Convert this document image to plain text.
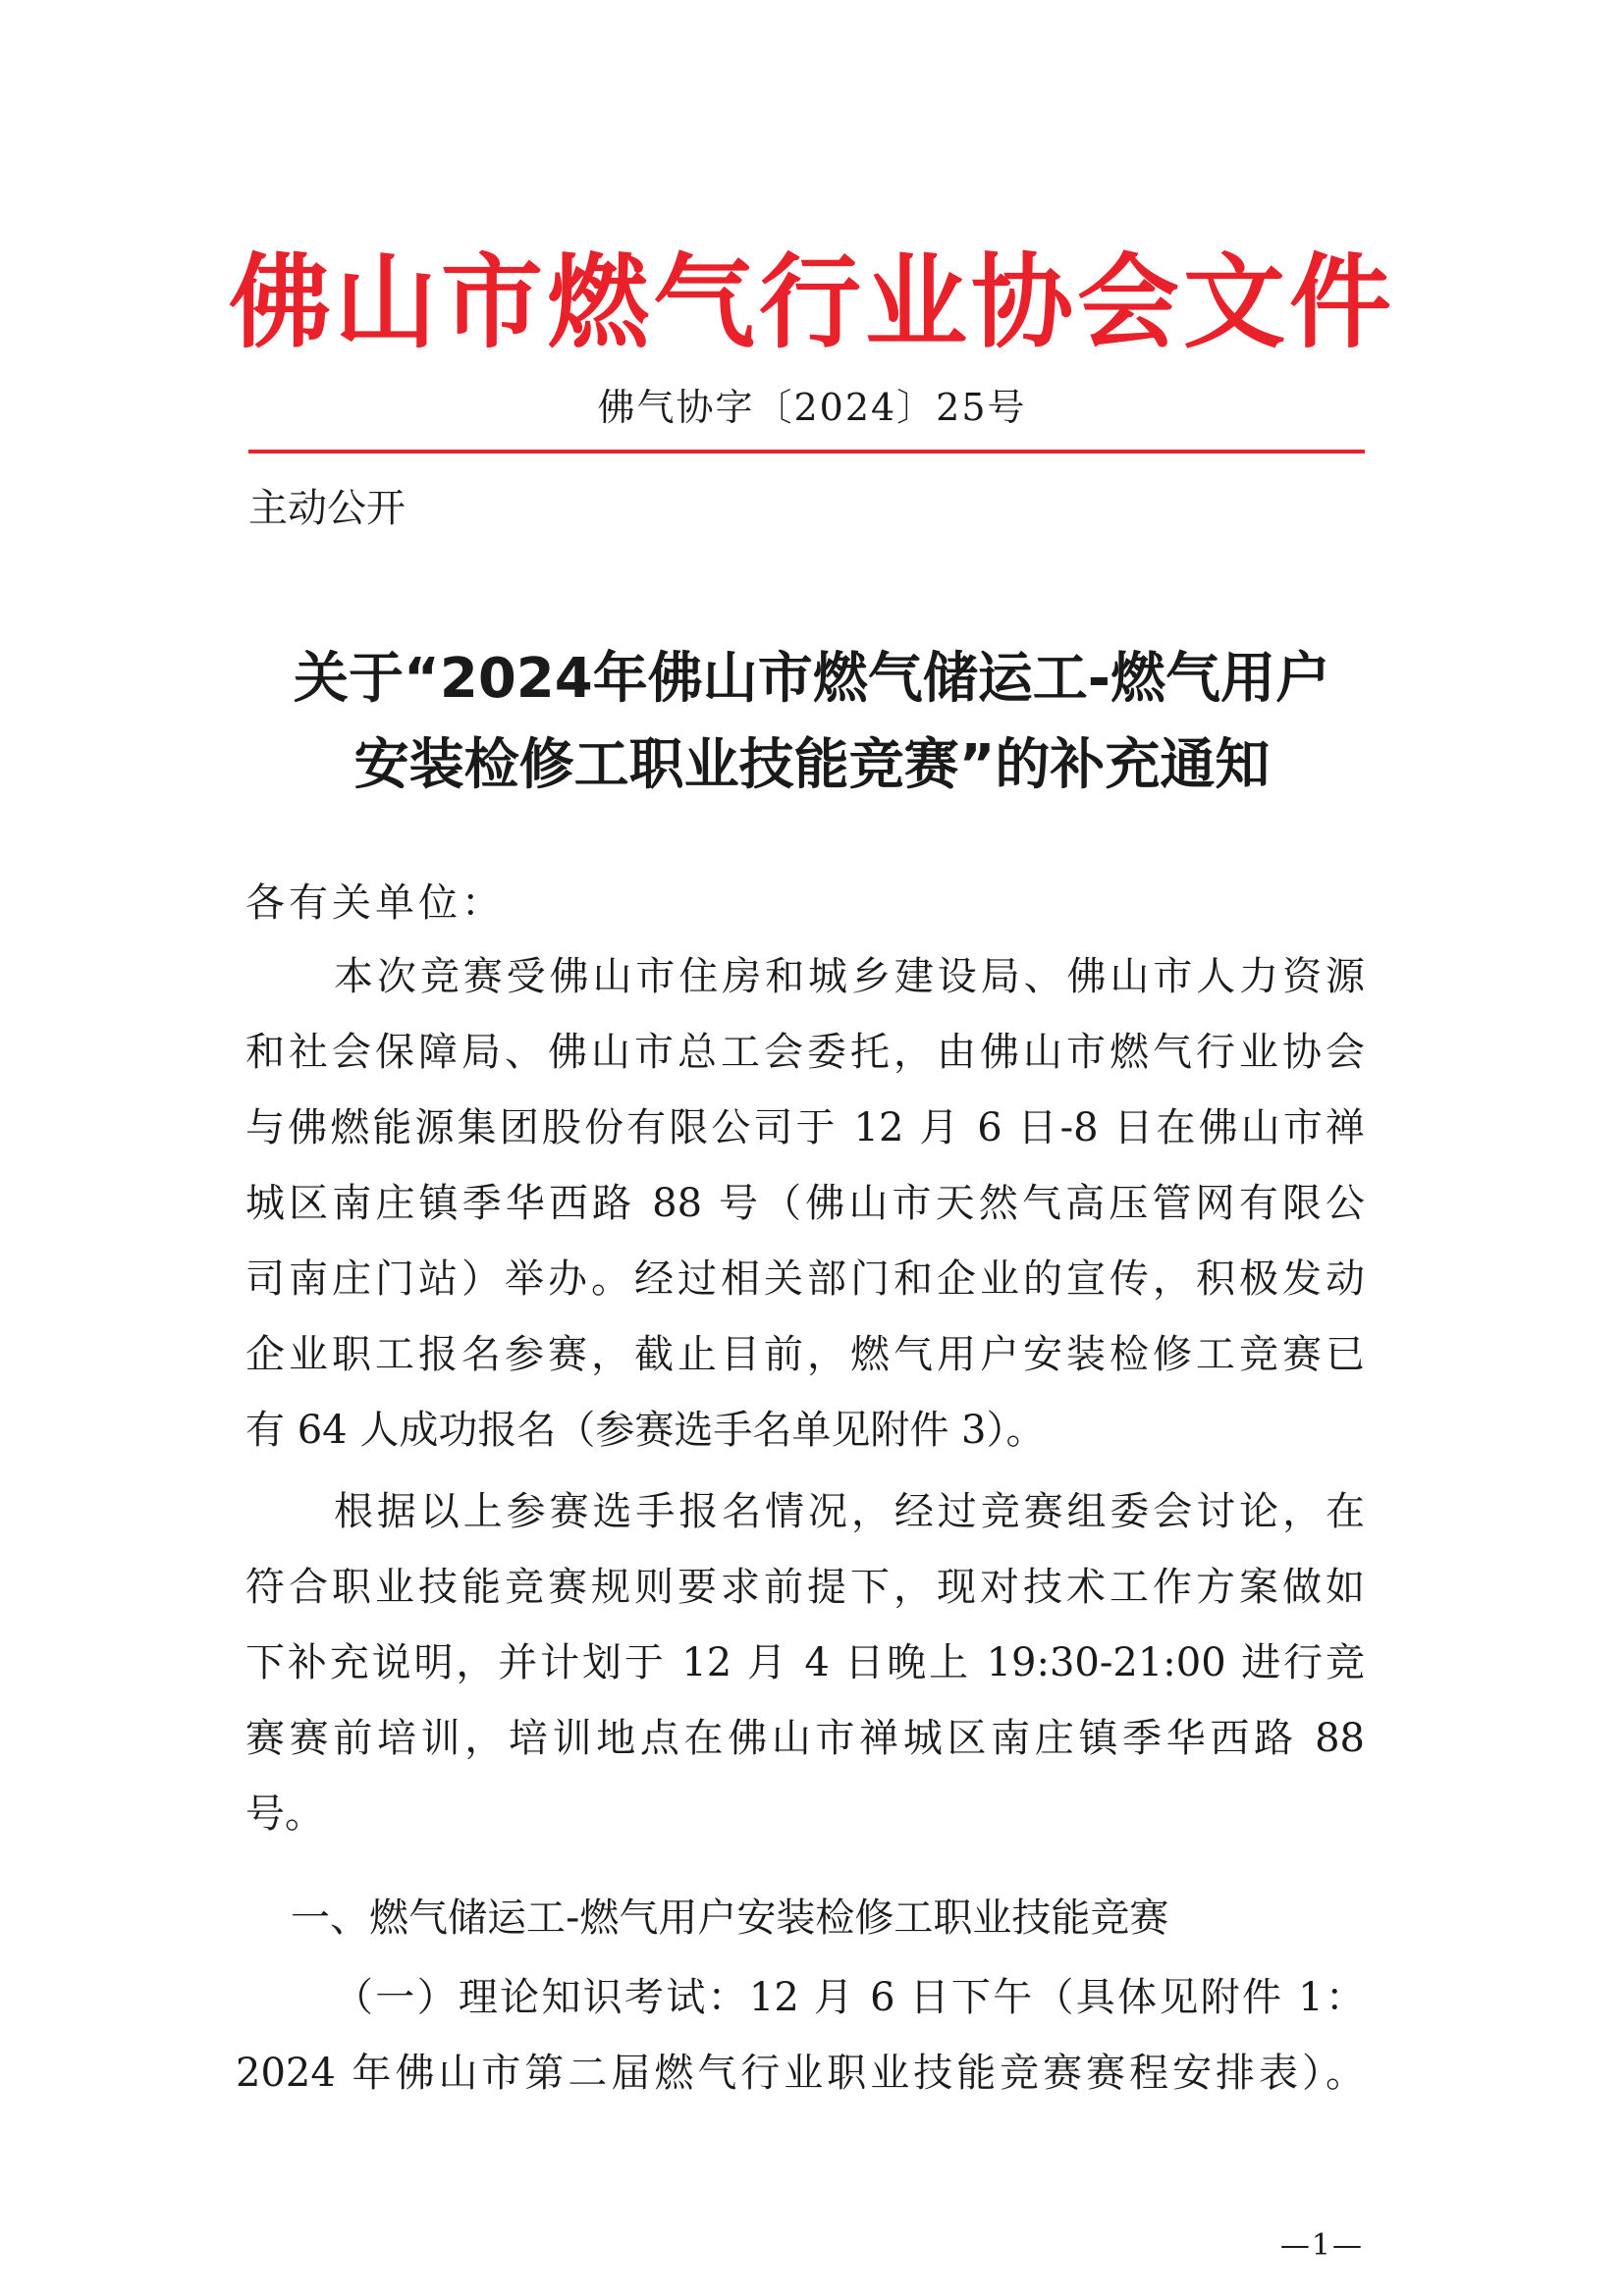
佛山市燃气行业协会文件
佛气协字〔2024〕25号
主动公开
关于“2024年佛山市燃气储运工-燃气用户
安装检修工职业技能竞赛”的补充通知
各有关单位：
本次竞赛受佛山市住房和城乡建设局、佛山市人力资源
和社会保障局、佛山市总工会委托，由佛山市燃气行业协会
与佛燃能源集团股份有限公司于 12 月 6 日-8 日在佛山市禅
城区南庄镇季华西路 88 号（佛山市天然气高压管网有限公
司南庄门站）举办。经过相关部门和企业的宣传，积极发动
企业职工报名参赛，截止目前，燃气用户安装检修工竞赛已
有 64 人成功报名（参赛选手名单见附件 3）。
根据以上参赛选手报名情况，经过竞赛组委会讨论，在
符合职业技能竞赛规则要求前提下，现对技术工作方案做如
下补充说明，并计划于 12 月 4 日晚上 19:30-21:00 进行竞
赛赛前培训，培训地点在佛山市禅城区南庄镇季华西路 88
号。
一、燃气储运工-燃气用户安装检修工职业技能竞赛
（一）理论知识考试：12 月 6 日下午（具体见附件 1：
2024 年佛山市第二届燃气行业职业技能竞赛赛程安排表）。
—1—
